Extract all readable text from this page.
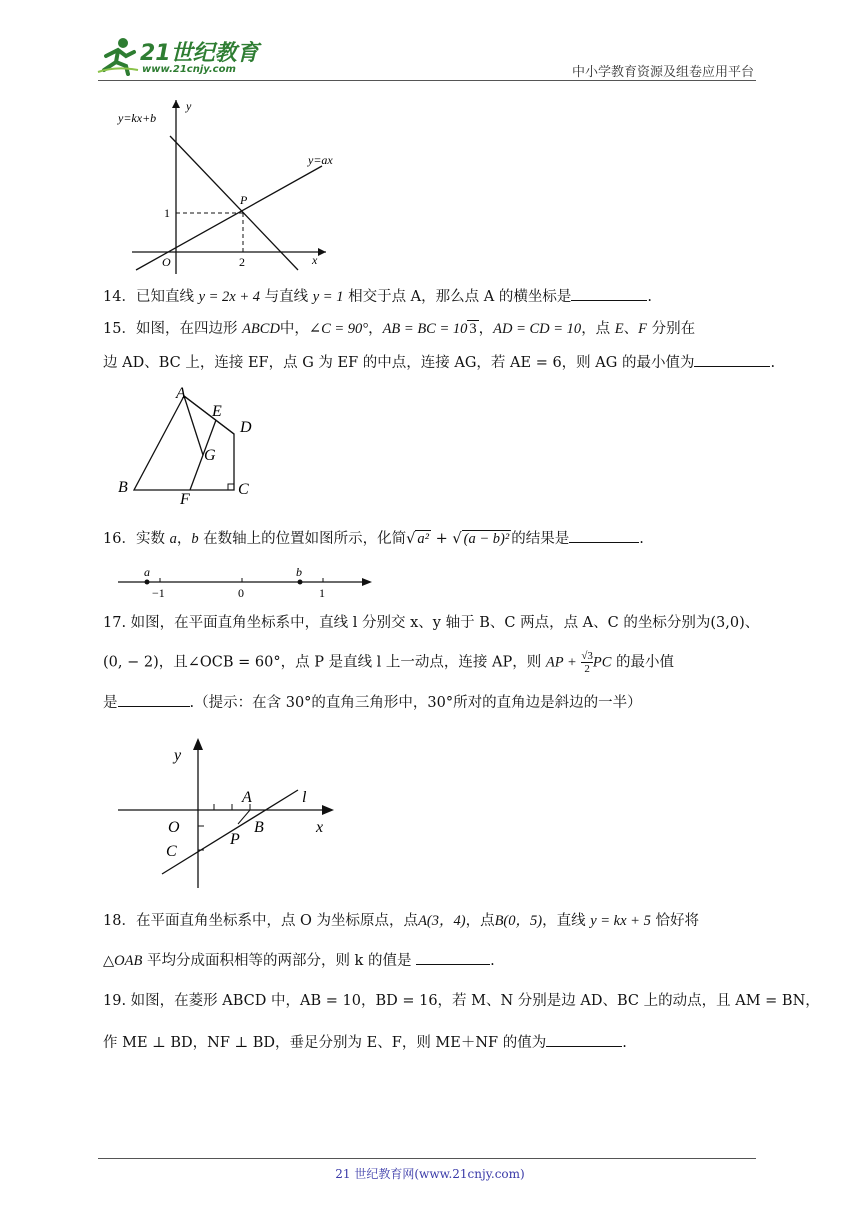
21世纪教育
www.21cnjy.com	中小学教育资源及组卷应用平台
y=kx+b
y=ax
y
x
O
P
1
2
14．已知直线 y = 2x + 4 与直线 y = 1 相交于点 A，那么点 A 的横坐标是	.
15．如图，在四边形 ABCD中，∠C = 90°，AB = BC = 10 3 ，AD = CD = 10，点 E、F 分别在
边 AD、BC 上，连接 EF，点 G 为 EF 的中点，连接 AG，若 AE = 6，则 AG 的最小值为	.
A
E
D
G
B
F
C
16．实数 a，b 在数轴上的位置如图所示，化简√ a² + √ (a − b)² 的结果是	.
a	b
−1	0	1
17. 如图，在平面直角坐标系中，直线 l 分别交 x、y 轴于 B、C 两点，点 A、C 的坐标分别为(3,0)、
(0, − 2)，且∠OCB = 60°，点 P 是直线 l 上一动点，连接 AP，则 AP + $\frac{√3}{2}$ PC 的最小值
是	.（提示：在含 30°的直角三角形中，30°所对的直角边是斜边的一半）
y
x
O
A
B
C
P
l
18．在平面直角坐标系中，点 O 为坐标原点，点A(3，4)，点B(0，5)，直线 y = kx + 5 恰好将
△OAB 平均分成面积相等的两部分，则 k 的值是	.
19. 如图，在菱形 ABCD 中，AB = 10，BD = 16，若 M、N 分别是边 AD、BC 上的动点，且 AM = BN，
作 ME ⊥ BD，NF ⊥ BD，垂足分别为 E、F，则 ME＋NF 的值为	.
21 世纪教育网(www.21cnjy.com)
